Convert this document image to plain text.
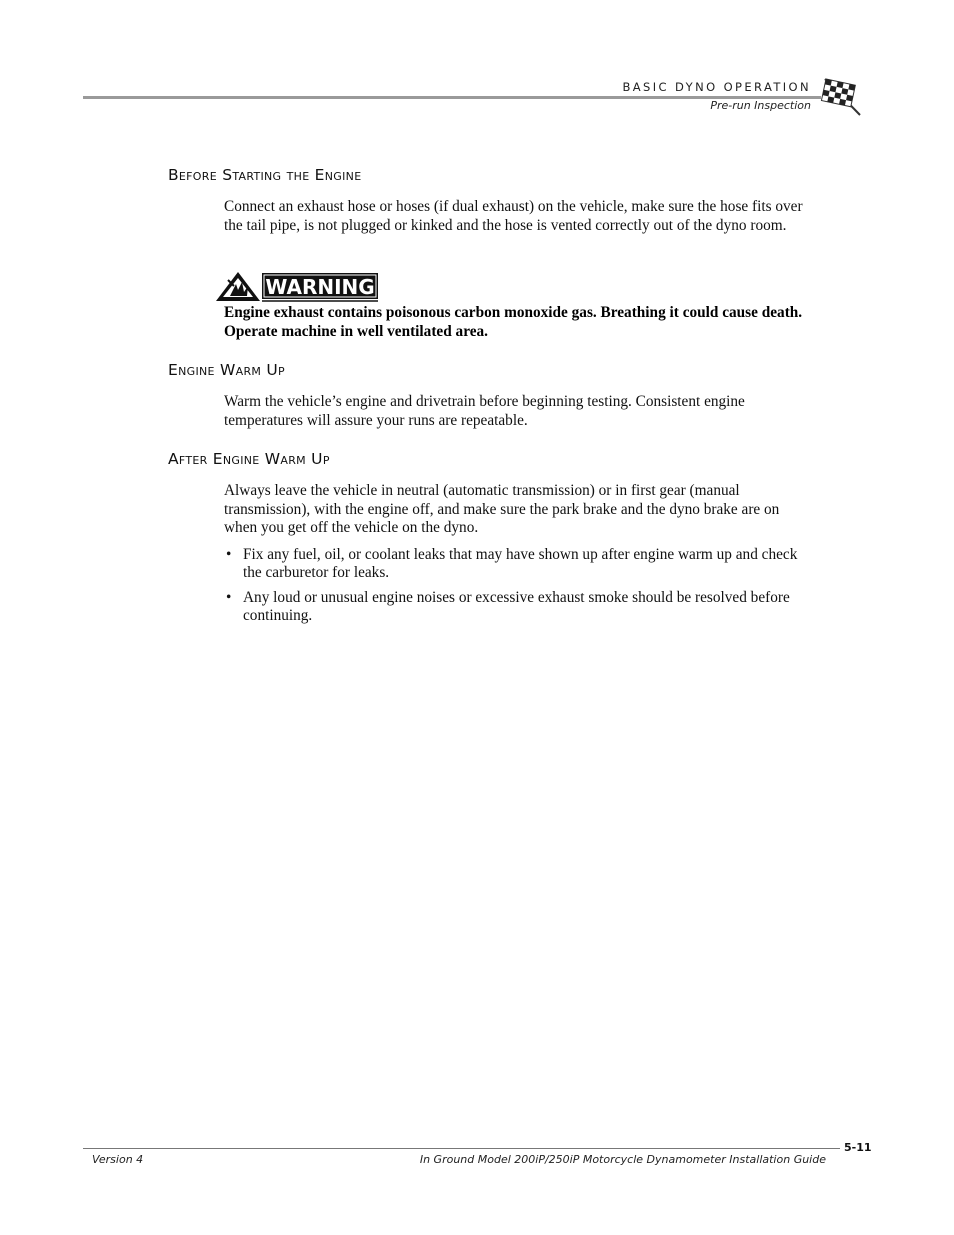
BASIC DYNO OPERATION
Pre-run Inspection
Before Starting the Engine
Connect an exhaust hose or hoses (if dual exhaust) on the vehicle, make sure the hose fits over the tail pipe, is not plugged or kinked and the hose is vented correctly out of the dyno room.
WARNING
Engine exhaust contains poisonous carbon monoxide gas. Breathing it could cause death. Operate machine in well ventilated area.
Engine Warm Up
Warm the vehicle’s engine and drivetrain before beginning testing. Consistent engine temperatures will assure your runs are repeatable.
After Engine Warm Up
Always leave the vehicle in neutral (automatic transmission) or in first gear (manual transmission), with the engine off, and make sure the park brake and the dyno brake are on when you get off the vehicle on the dyno.
• Fix any fuel, oil, or coolant leaks that may have shown up after engine warm up and check the carburetor for leaks.
• Any loud or unusual engine noises or excessive exhaust smoke should be resolved before continuing.
5-11
Version 4	In Ground Model 200iP/250iP Motorcycle Dynamometer Installation Guide
